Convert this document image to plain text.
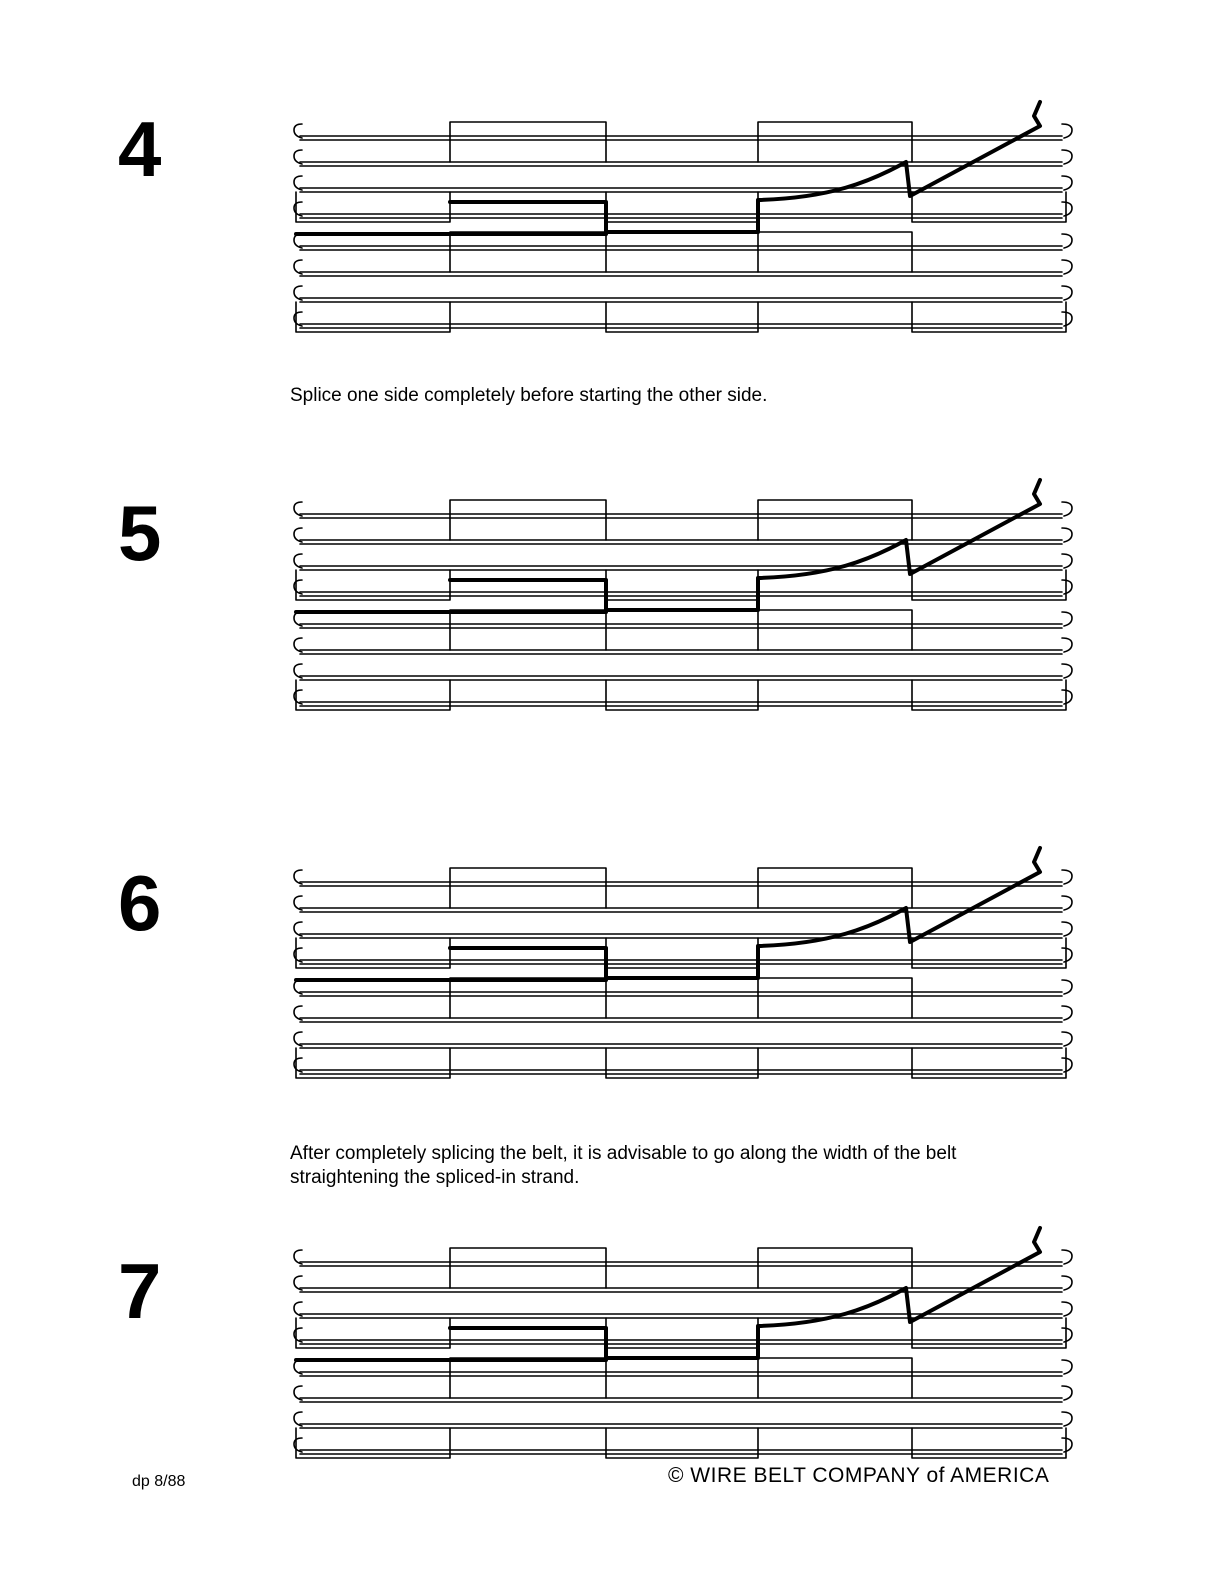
4
5
6
7
Splice one side completely before starting the other side.
After completely splicing the belt, it is advisable to go along the width of the belt
straightening the spliced-in strand.
dp 8/88	© WIRE BELT COMPANY of AMERICA
